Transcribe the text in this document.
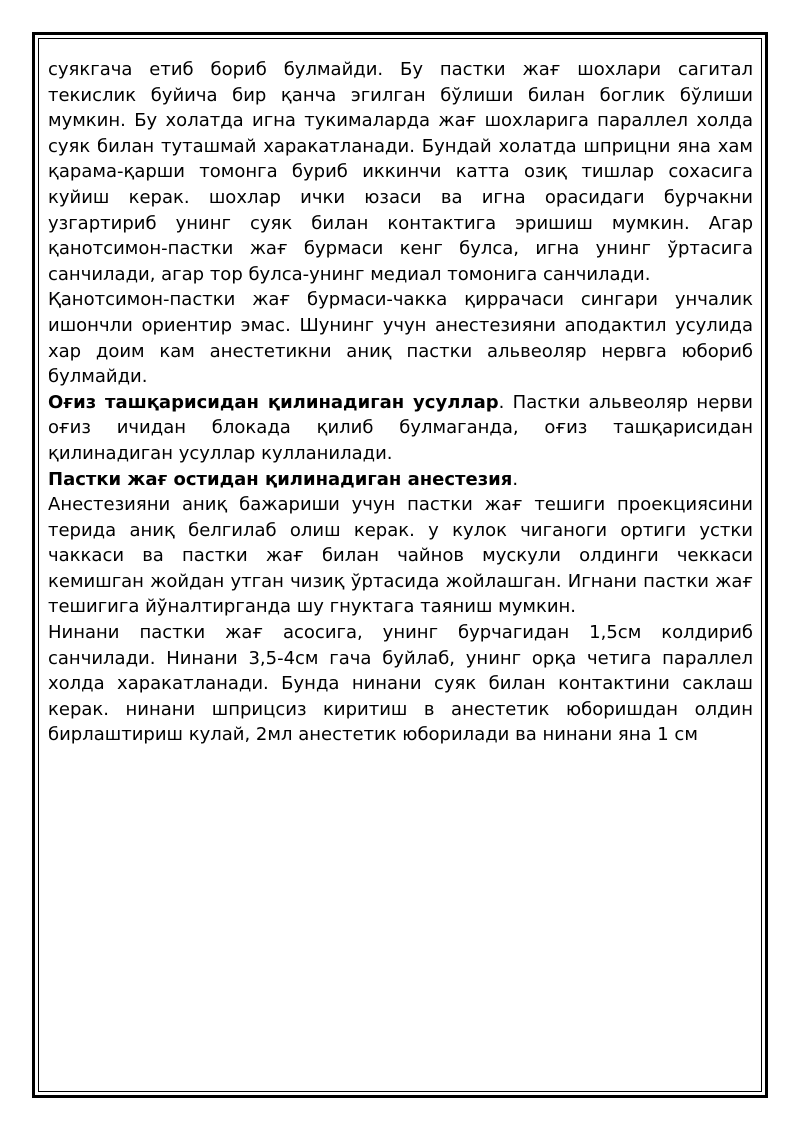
суякгача етиб бориб булмайди. Бу пастки жағ шохлари сагитал текислик буйича бир қанча эгилган бўлиши билан боглик бўлиши мумкин. Бу холатда игна тукималарда жағ шохларига параллел холда суяк билан туташмай харакатланади. Бундай холатда шприцни яна хам қарама-қарши томонга буриб иккинчи катта озиқ тишлар сохасига куйиш керак. шохлар ички юзаси ва игна орасидаги бурчакни узгартириб унинг суяк билан контактига эришиш мумкин. Агар қанотсимон-пастки жағ бурмаси кенг булса, игна унинг ўртасига санчилади, агар тор булса-унинг медиал томонига санчилади.

Қанотсимон-пастки жағ бурмаси-чакка қиррачаси сингари унчалик ишончли ориентир эмас. Шунинг учун анестезияни аподактил усулида хар доим кам анестетикни аниқ пастки альвеоляр нервга юбориб булмайди.

Оғиз ташқарисидан қилинадиган усуллар. Пастки альвеоляр нерви оғиз ичидан блокада қилиб булмаганда, оғиз ташқарисидан қилинадиган усуллар кулланилади.

Пастки жағ остидан қилинадиган анестезия.

Анестезияни аниқ бажариши учун пастки жағ тешиги проекциясини терида аниқ белгилаб олиш керак. у кулок чиганоги ортиги устки чаккаси ва пастки жағ билан чайнов мускули олдинги чеккаси кемишган жойдан утган чизиқ ўртасида жойлашган. Игнани пастки жағ тешигига йўналтирганда шу гнуктага таяниш мумкин.

Нинани пастки жағ асосига, унинг бурчагидан 1,5см колдириб санчилади. Нинани 3,5-4см гача буйлаб, унинг орқа четига параллел холда харакатланади. Бунда нинани суяк билан контактини саклаш керак. нинани шприцсиз киритиш в анестетик юборишдан олдин бирлаштириш кулай, 2мл анестетик юборилади ва нинани яна 1 см
